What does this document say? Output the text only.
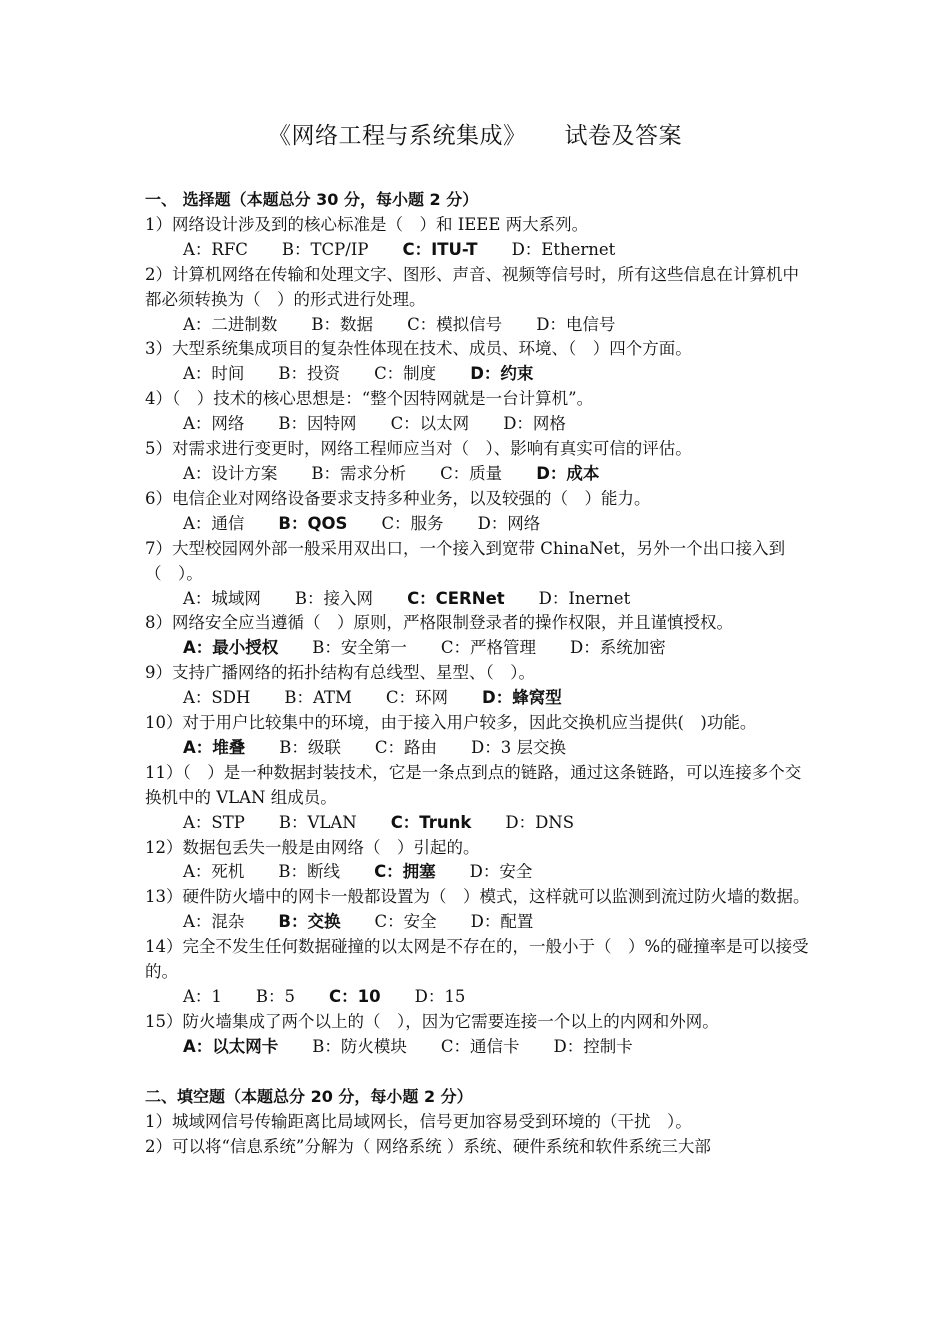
《网络工程与系统集成》 试卷及答案
一、 选择题（本题总分 30 分，每小题 2 分）
1）网络设计涉及到的核心标准是（　）和 IEEE 两大系列。
A：RFC B：TCP/IP C：ITU-T D：Ethernet
2）计算机网络在传输和处理文字、图形、声音、视频等信号时，所有这些信息在计算机中都必须转换为（　）的形式进行处理。
A：二进制数 B：数据 C：模拟信号 D：电信号
3）大型系统集成项目的复杂性体现在技术、成员、环境、（　）四个方面。
A：时间 B：投资 C：制度 D：约束
4）（　）技术的核心思想是：“整个因特网就是一台计算机”。
A：网络 B：因特网 C：以太网 D：网格
5）对需求进行变更时，网络工程师应当对（　）、影响有真实可信的评估。
A：设计方案 B：需求分析 C：质量 D：成本
6）电信企业对网络设备要求支持多种业务，以及较强的（　）能力。
A：通信 B：QOS C：服务 D：网络
7）大型校园网外部一般采用双出口，一个接入到宽带 ChinaNet，另外一个出口接入到（　）。
A：城域网 B：接入网 C：CERNet D：Inernet
8）网络安全应当遵循（　）原则，严格限制登录者的操作权限，并且谨慎授权。
A：最小授权 B：安全第一 C：严格管理 D：系统加密
9）支持广播网络的拓扑结构有总线型、星型、（　）。
A：SDH B：ATM C：环网 D：蜂窝型
10）对于用户比较集中的环境，由于接入用户较多，因此交换机应当提供(　)功能。
A：堆叠 B：级联 C：路由 D：3 层交换
11）（　）是一种数据封装技术，它是一条点到点的链路，通过这条链路，可以连接多个交换机中的 VLAN 组成员。
A：STP B：VLAN C：Trunk D：DNS
12）数据包丢失一般是由网络（　）引起的。
A：死机 B：断线 C：拥塞 D：安全
13）硬件防火墙中的网卡一般都设置为（　）模式，这样就可以监测到流过防火墙的数据。
A：混杂 B：交换 C：安全 D：配置
14）完全不发生任何数据碰撞的以太网是不存在的，一般小于（　）%的碰撞率是可以接受的。
A：1 B：5 C：10 D：15
15）防火墙集成了两个以上的（　），因为它需要连接一个以上的内网和外网。
A：以太网卡 B：防火模块 C：通信卡 D：控制卡
二、填空题（本题总分 20 分，每小题 2 分）
1）城域网信号传输距离比局域网长，信号更加容易受到环境的（干扰　）。
2）可以将“信息系统”分解为（ 网络系统 ）系统、硬件系统和软件系统三大部
